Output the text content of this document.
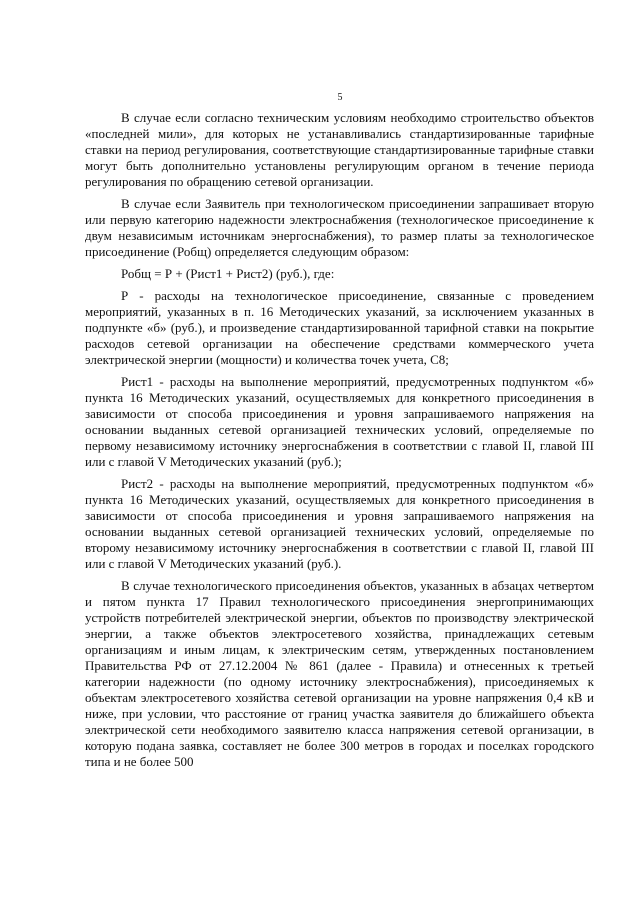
5

В случае если согласно техническим условиям необходимо строительство объектов «последней мили», для которых не устанавливались стандартизированные тарифные ставки на период регулирования, соответствующие стандартизированные тарифные ставки могут быть дополнительно установлены регулирующим органом в течение периода регулирования по обращению сетевой организации.

В случае если Заявитель при технологическом присоединении запрашивает вторую или первую категорию надежности электроснабжения (технологическое присоединение к двум независимым источникам энергоснабжения), то размер платы за технологическое присоединение (Робщ) определяется следующим образом:

Робщ = Р + (Рист1 + Рист2) (руб.), где:

Р - расходы на технологическое присоединение, связанные с проведением мероприятий, указанных в п. 16 Методических указаний, за исключением указанных в подпункте «б» (руб.), и произведение стандартизированной тарифной ставки на покрытие расходов сетевой организации на обеспечение средствами коммерческого учета электрической энергии (мощности) и количества точек учета, С8;

Рист1 - расходы на выполнение мероприятий, предусмотренных подпунктом «б» пункта 16 Методических указаний, осуществляемых для конкретного присоединения в зависимости от способа присоединения и уровня запрашиваемого напряжения на основании выданных сетевой организацией технических условий, определяемые по первому независимому источнику энергоснабжения в соответствии с главой II, главой III или с главой V Методических указаний (руб.);

Рист2 - расходы на выполнение мероприятий, предусмотренных подпунктом «б» пункта 16 Методических указаний, осуществляемых для конкретного присоединения в зависимости от способа присоединения и уровня запрашиваемого напряжения на основании выданных сетевой организацией технических условий, определяемые по второму независимому источнику энергоснабжения в соответствии с главой II, главой III или с главой V Методических указаний (руб.).

В случае технологического присоединения объектов, указанных в абзацах четвертом и пятом пункта 17 Правил технологического присоединения энергопринимающих устройств потребителей электрической энергии, объектов по производству электрической энергии, а также объектов электросетевого хозяйства, принадлежащих сетевым организациям и иным лицам, к электрическим сетям, утвержденных постановлением Правительства РФ от 27.12.2004 № 861 (далее - Правила) и отнесенных к третьей категории надежности (по одному источнику электроснабжения), присоединяемых к объектам электросетевого хозяйства сетевой организации на уровне напряжения 0,4 кВ и ниже, при условии, что расстояние от границ участка заявителя до ближайшего объекта электрической сети необходимого заявителю класса напряжения сетевой организации, в которую подана заявка, составляет не более 300 метров в городах и поселках городского типа и не более 500
